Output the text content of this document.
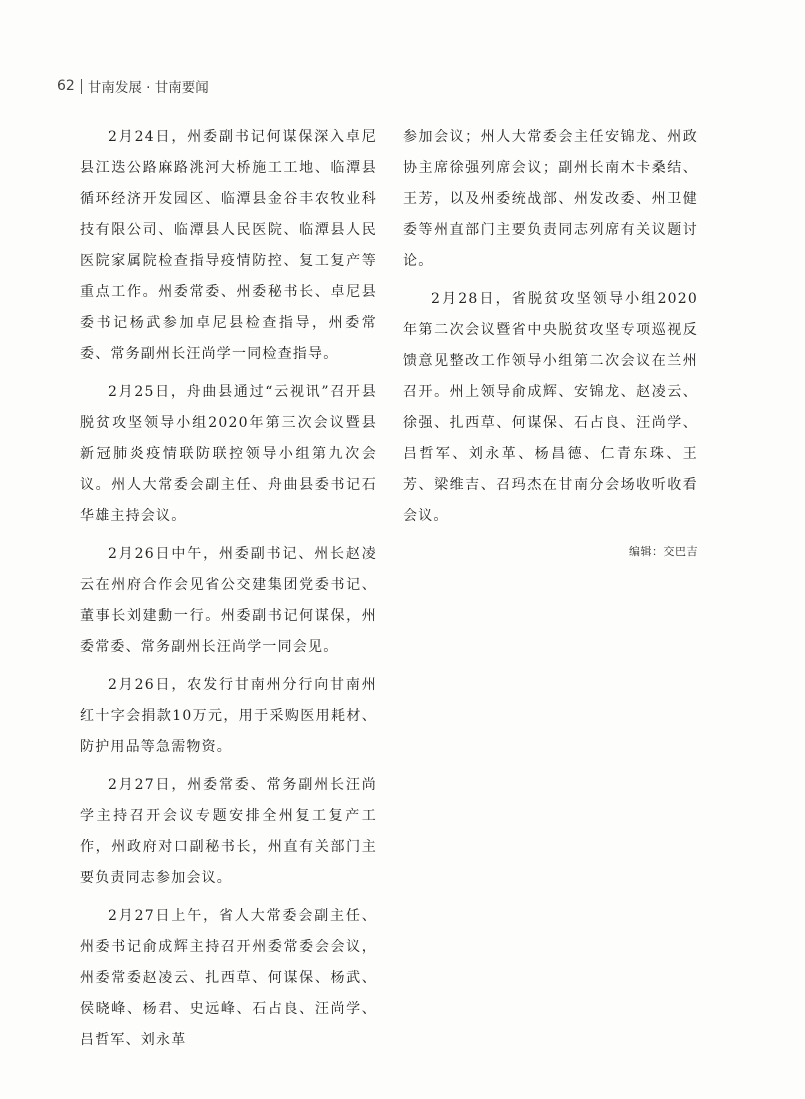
62 甘南发展 · 甘南要闻

2月24日，州委副书记何谋保深入卓尼县江迭公路麻路洮河大桥施工工地、临潭县循环经济开发园区、临潭县金谷丰农牧业科技有限公司、临潭县人民医院、临潭县人民医院家属院检查指导疫情防控、复工复产等重点工作。州委常委、州委秘书长、卓尼县委书记杨武参加卓尼县检查指导，州委常委、常务副州长汪尚学一同检查指导。

2月25日，舟曲县通过“云视讯”召开县脱贫攻坚领导小组2020年第三次会议暨县新冠肺炎疫情联防联控领导小组第九次会议。州人大常委会副主任、舟曲县委书记石华雄主持会议。

2月26日中午，州委副书记、州长赵凌云在州府合作会见省公交建集团党委书记、董事长刘建勳一行。州委副书记何谋保，州委常委、常务副州长汪尚学一同会见。

2月26日，农发行甘南州分行向甘南州红十字会捐款10万元，用于采购医用耗材、防护用品等急需物资。

2月27日，州委常委、常务副州长汪尚学主持召开会议专题安排全州复工复产工作，州政府对口副秘书长，州直有关部门主要负责同志参加会议。

2月27日上午，省人大常委会副主任、州委书记俞成辉主持召开州委常委会会议，州委常委赵凌云、扎西草、何谋保、杨武、侯晓峰、杨君、史远峰、石占良、汪尚学、吕哲军、刘永革

参加会议；州人大常委会主任安锦龙、州政协主席徐强列席会议；副州长南木卡桑结、王芳，以及州委统战部、州发改委、州卫健委等州直部门主要负责同志列席有关议题讨论。

2月28日，省脱贫攻坚领导小组2020年第二次会议暨省中央脱贫攻坚专项巡视反馈意见整改工作领导小组第二次会议在兰州召开。州上领导俞成辉、安锦龙、赵凌云、徐强、扎西草、何谋保、石占良、汪尚学、吕哲军、刘永革、杨昌德、仁青东珠、王芳、梁维吉、召玛杰在甘南分会场收听收看会议。

编辑：交巴吉
